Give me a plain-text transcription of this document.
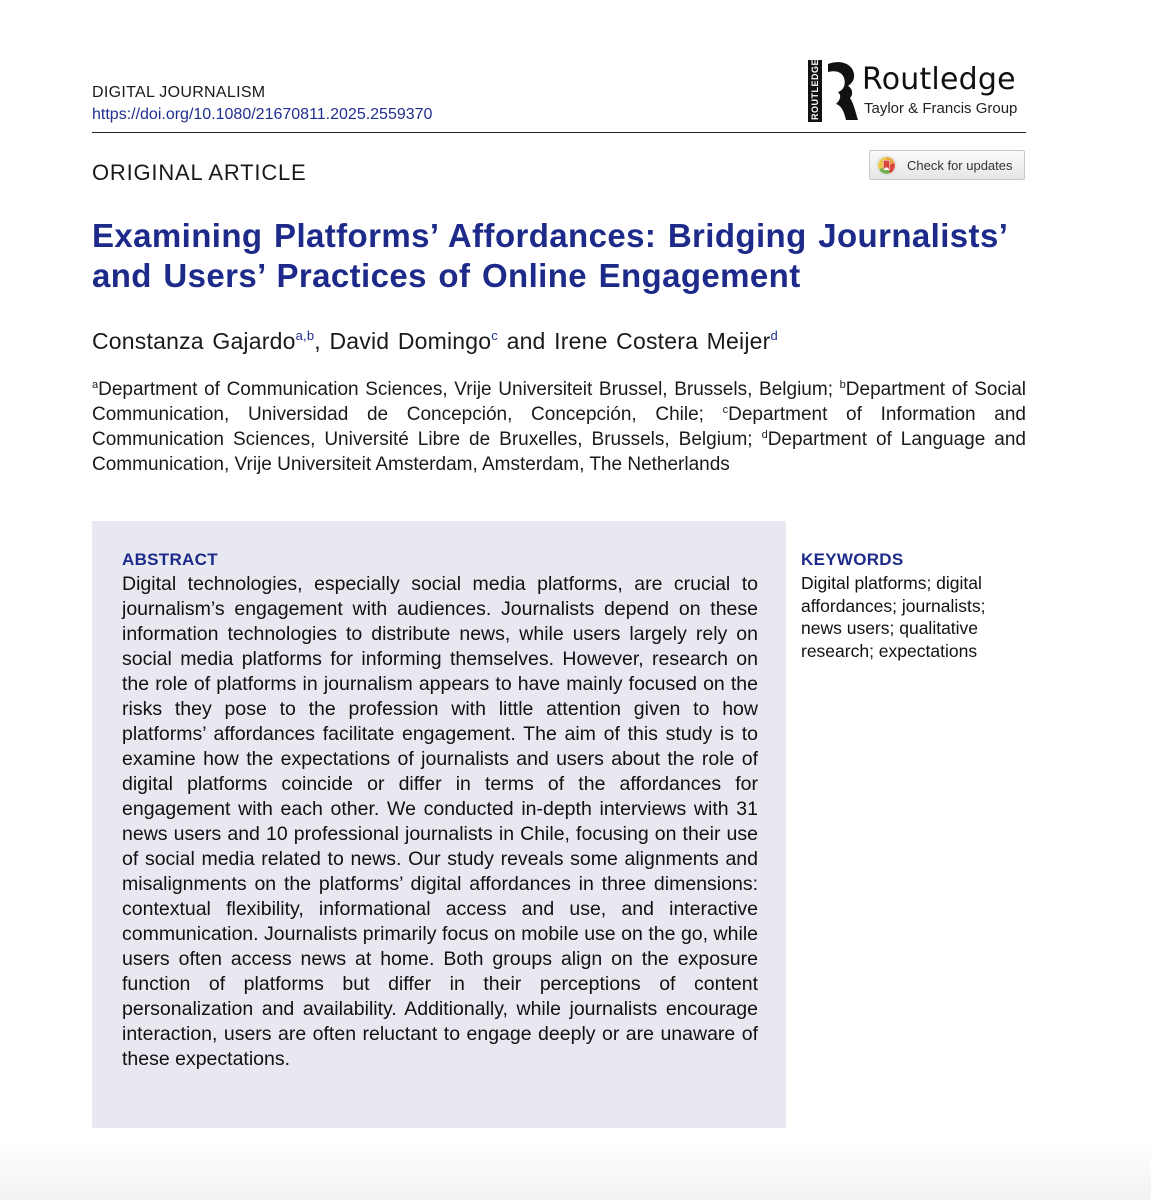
DIGITAL JOURNALISM
https://doi.org/10.1080/21670811.2025.2559370	ROUTLEDGE Routledge
Taylor & Francis Group
ORIGINAL ARTICLE	Check for updates
Examining Platforms’ Affordances: Bridging Journalists’ and Users’ Practices of Online Engagement
Constanza Gajardo$^{a,b}$, David Domingo$^c$ and Irene Costera Meijer$^d$
$^a$Department of Communication Sciences, Vrije Universiteit Brussel, Brussels, Belgium; $^b$Department of Social Communication, Universidad de Concepción, Concepción, Chile; $^c$Department of Information and Communication Sciences, Université Libre de Bruxelles, Brussels, Belgium; $^d$Department of Language and Communication, Vrije Universiteit Amsterdam, Amsterdam, The Netherlands
ABSTRACT

Digital technologies, especially social media platforms, are crucial to journalism’s engagement with audiences. Journalists depend on these information technologies to distribute news, while users largely rely on social media platforms for informing themselves. However, research on the role of platforms in journalism appears to have mainly focused on the risks they pose to the profession with little attention given to how platforms’ affordances facilitate engagement. The aim of this study is to examine how the expectations of journalists and users about the role of digital platforms coincide or differ in terms of the affordances for engagement with each other. We conducted in-depth interviews with 31 news users and 10 professional journalists in Chile, focusing on their use of social media related to news. Our study reveals some alignments and misalignments on the platforms’ digital affordances in three dimensions: contextual flexibility, informational access and use, and interactive communication. Journalists primarily focus on mobile use on the go, while users often access news at home. Both groups align on the exposure function of platforms but differ in their perceptions of content personalization and availability. Additionally, while journalists encourage interaction, users are often reluctant to engage deeply or are unaware of these expectations.

KEYWORDS

Digital platforms; digital affordances; journalists; news users; qualitative research; expectations
